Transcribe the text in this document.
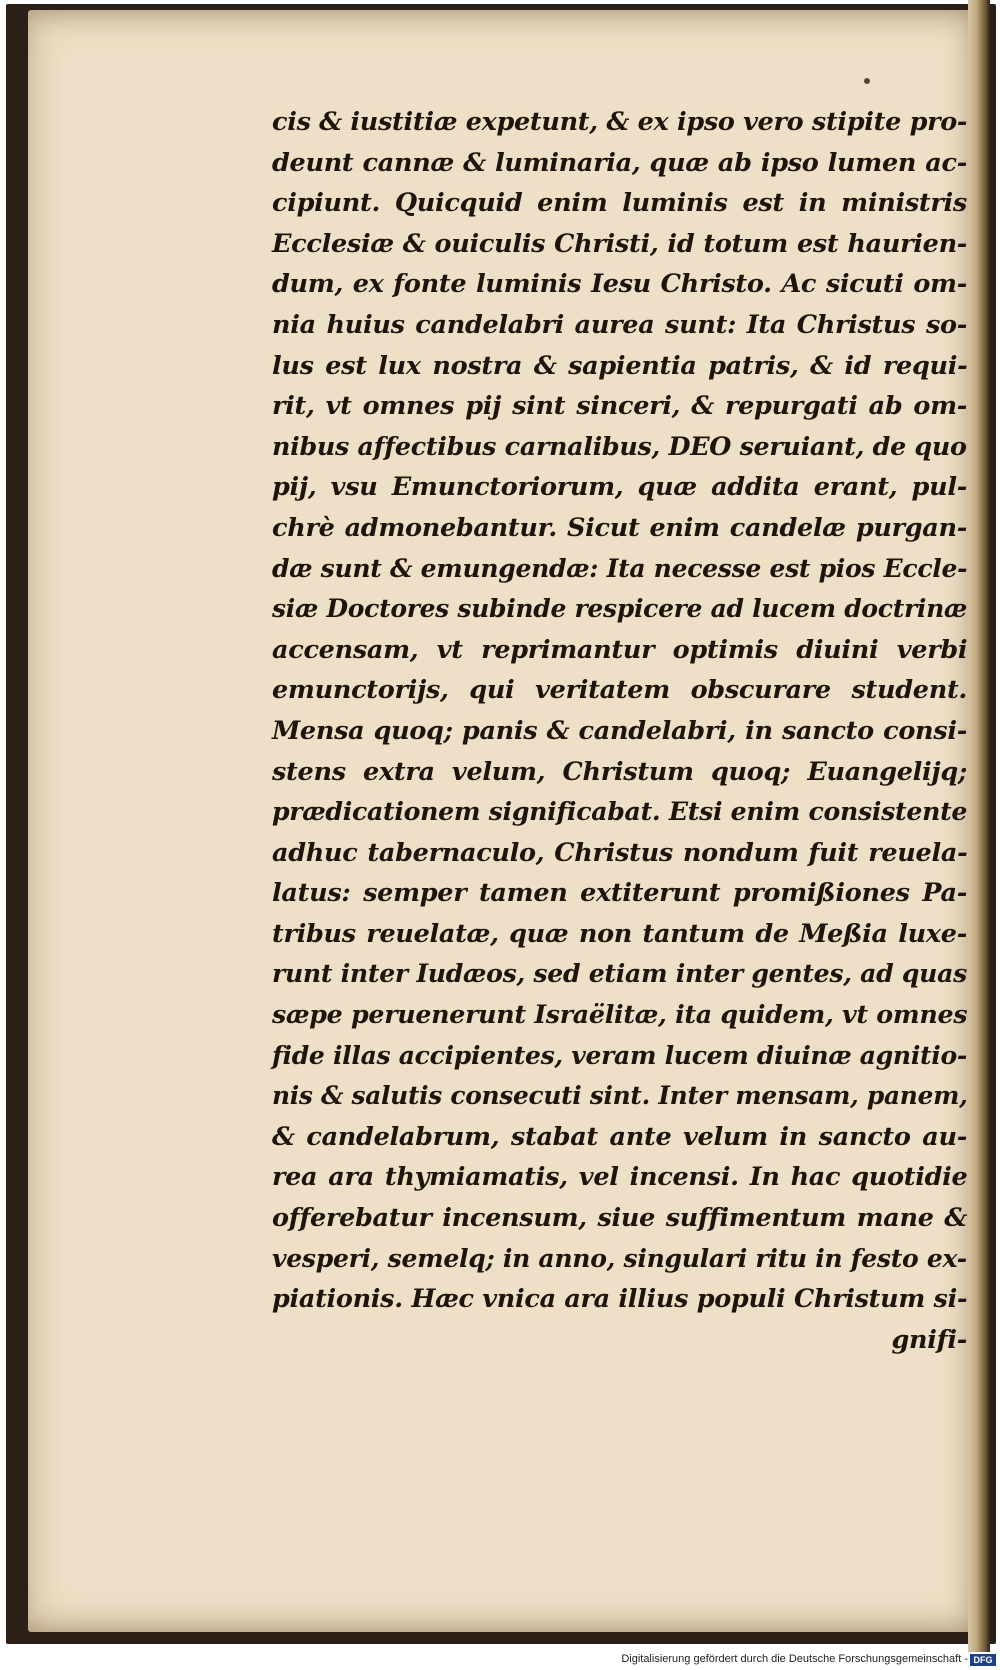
cis & iustitiæ expetunt, & ex ipso vero stipite pro-
deunt cannæ & luminaria, quæ ab ipso lumen ac-
cipiunt. Quicquid enim luminis est in ministris
Ecclesiæ & ouiculis Christi, id totum est haurien-
dum, ex fonte luminis Iesu Christo. Ac sicuti om-
nia huius candelabri aurea sunt: Ita Christus so-
lus est lux nostra & sapientia patris, & id requi-
rit, vt omnes pij sint sinceri, & repurgati ab om-
nibus affectibus carnalibus, DEO seruiant, de quo
pij, vsu Emunctoriorum, quæ addita erant, pul-
chrè admonebantur. Sicut enim candelæ purgan-
dæ sunt & emungendæ: Ita necesse est pios Eccle-
siæ Doctores subinde respicere ad lucem doctrinæ
accensam, vt reprimantur optimis diuini verbi
emunctorijs, qui veritatem obscurare student.
Mensa quoq; panis & candelabri, in sancto consi-
stens extra velum, Christum quoq; Euangelijq;
prædicationem significabat. Etsi enim consistente
adhuc tabernaculo, Christus nondum fuit reuela-
latus: semper tamen extiterunt promißiones Pa-
tribus reuelatæ, quæ non tantum de Meßia luxe-
runt inter Iudæos, sed etiam inter gentes, ad quas
sæpe peruenerunt Israëlitæ, ita quidem, vt omnes
fide illas accipientes, veram lucem diuinæ agnitio-
nis & salutis consecuti sint. Inter mensam, panem,
& candelabrum, stabat ante velum in sancto au-
rea ara thymiamatis, vel incensi. In hac quotidie
offerebatur incensum, siue suffimentum mane &
vesperi, semelq; in anno, singulari ritu in festo ex-
piationis. Hæc vnica ara illius populi Christum si-
gnifi-
Digitalisierung gefördert durch die Deutsche Forschungsgemeinschaft - DFG
